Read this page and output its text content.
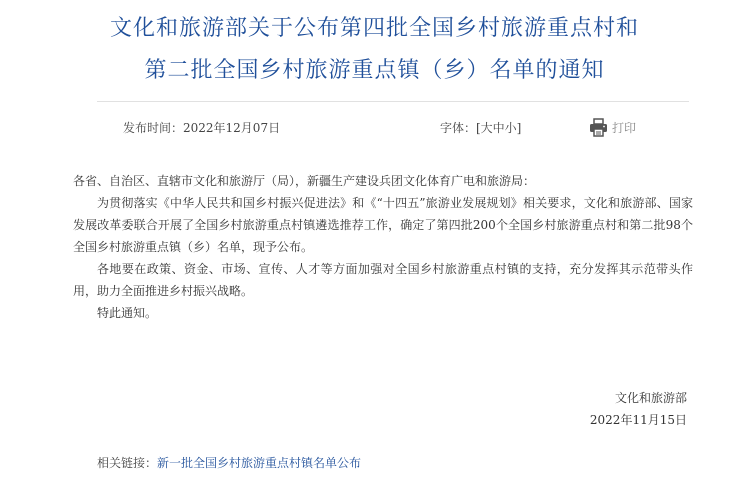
文化和旅游部关于公布第四批全国乡村旅游重点村和
第二批全国乡村旅游重点镇（乡）名单的通知
发布时间：2022年12月07日	字体：[大中小]	打印

各省、自治区、直辖市文化和旅游厅（局），新疆生产建设兵团文化体育广电和旅游局：

为贯彻落实《中华人民共和国乡村振兴促进法》和《“十四五”旅游业发展规划》相关要求，文化和旅游部、国家发展改革委联合开展了全国乡村旅游重点村镇遴选推荐工作，确定了第四批200个全国乡村旅游重点村和第二批98个全国乡村旅游重点镇（乡）名单，现予公布。

各地要在政策、资金、市场、宣传、人才等方面加强对全国乡村旅游重点村镇的支持，充分发挥其示范带头作用，助力全面推进乡村振兴战略。

特此通知。

文化和旅游部
2022年11月15日
相关链接：新一批全国乡村旅游重点村镇名单公布
